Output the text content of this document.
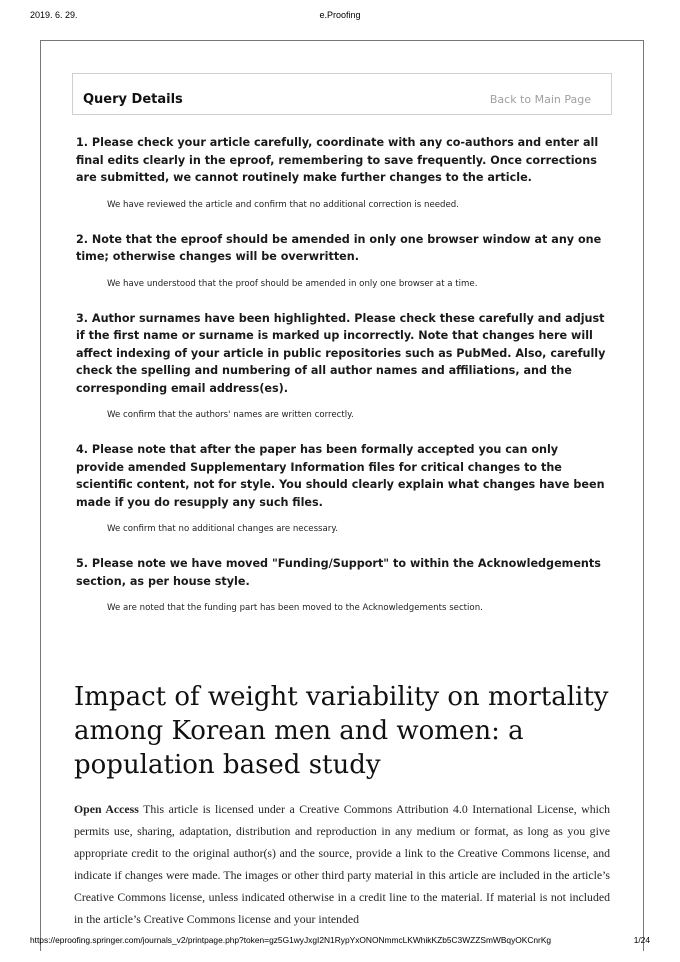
2019. 6. 29.	e.Proofing
Query Details	Back to Main Page

1. Please check your article carefully, coordinate with any co-authors and enter all final edits clearly in the eproof, remembering to save frequently. Once corrections are submitted, we cannot routinely make further changes to the article.

We have reviewed the article and confirm that no additional correction is needed.

2. Note that the eproof should be amended in only one browser window at any one time; otherwise changes will be overwritten.

We have understood that the proof should be amended in only one browser at a time.

3. Author surnames have been highlighted. Please check these carefully and adjust if the first name or surname is marked up incorrectly. Note that changes here will affect indexing of your article in public repositories such as PubMed. Also, carefully check the spelling and numbering of all author names and affiliations, and the corresponding email address(es).

We confirm that the authors' names are written correctly.

4. Please note that after the paper has been formally accepted you can only provide amended Supplementary Information files for critical changes to the scientific content, not for style. You should clearly explain what changes have been made if you do resupply any such files.

We confirm that no additional changes are necessary.

5. Please note we have moved "Funding/Support" to within the Acknowledgements section, as per house style.

We are noted that the funding part has been moved to the Acknowledgements section.

Impact of weight variability on mortality among Korean men and women: a population based study

Open Access This article is licensed under a Creative Commons Attribution 4.0 International License, which permits use, sharing, adaptation, distribution and reproduction in any medium or format, as long as you give appropriate credit to the original author(s) and the source, provide a link to the Creative Commons license, and indicate if changes were made. The images or other third party material in this article are included in the article’s Creative Commons license, unless indicated otherwise in a credit line to the material. If material is not included in the article’s Creative Commons license and your intended

https://eproofing.springer.com/journals_v2/printpage.php?token=gz5G1wyJxgI2N1RypYxONONmmcLKWhikKZb5C3WZZSmWBqyOKCnrKg	1/24
